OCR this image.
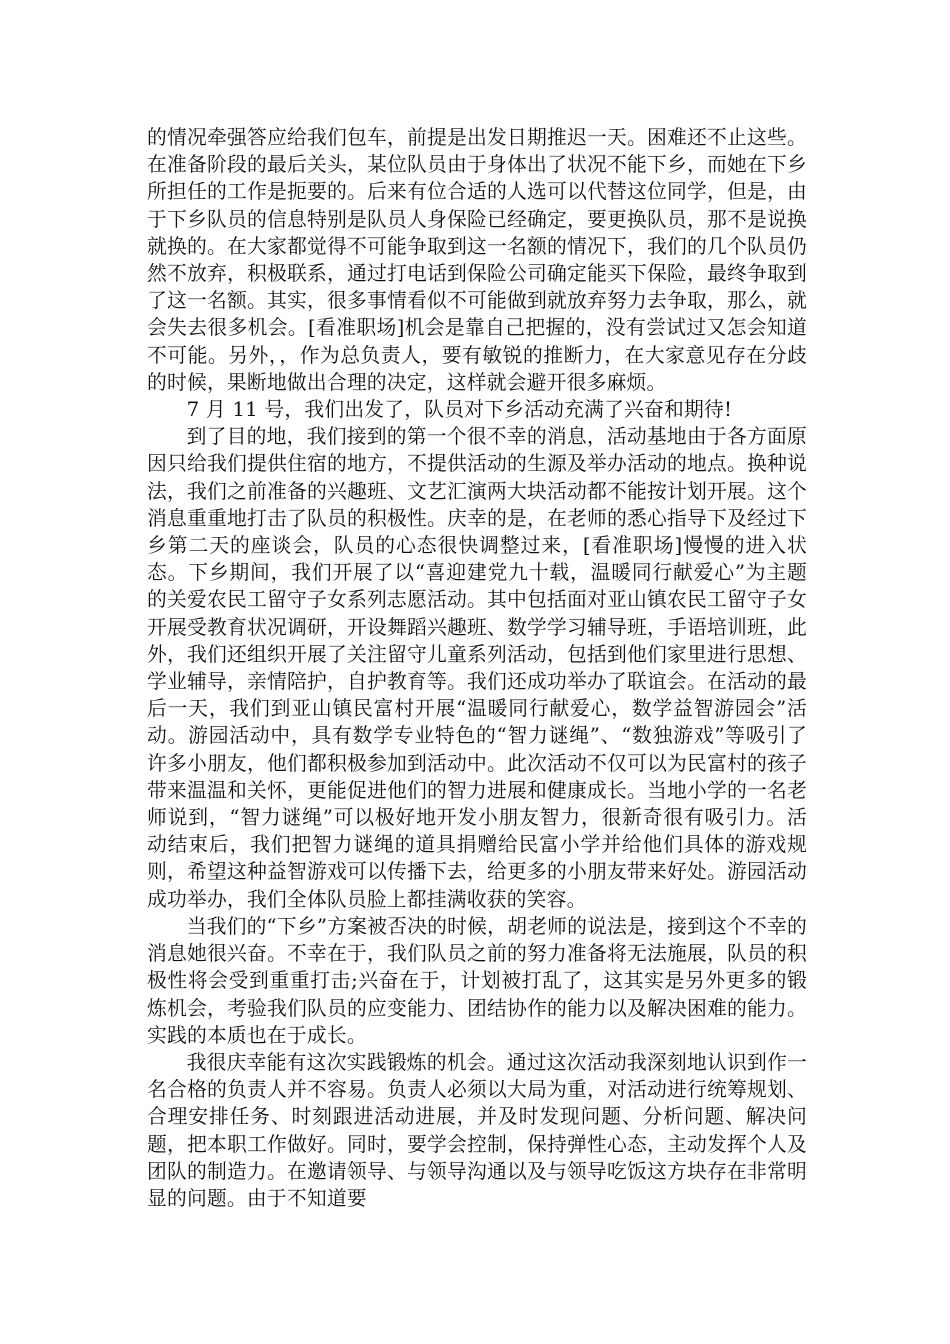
的情况牵强答应给我们包车，前提是出发日期推迟一天。困难还不止这些。在准备阶段的最后关头，某位队员由于身体出了状况不能下乡，而她在下乡所担任的工作是扼要的。后来有位合适的人选可以代替这位同学，但是，由于下乡队员的信息特别是队员人身保险已经确定，要更换队员，那不是说换就换的。在大家都觉得不可能争取到这一名额的情况下，我们的几个队员仍然不放弃，积极联系，通过打电话到保险公司确定能买下保险，最终争取到了这一名额。其实，很多事情看似不可能做到就放弃努力去争取，那么，就会失去很多机会。[看准职场]机会是靠自己把握的，没有尝试过又怎会知道不可能。另外，，作为总负责人，要有敏锐的推断力，在大家意见存在分歧的时候，果断地做出合理的决定，这样就会避开很多麻烦。

7 月 11 号，我们出发了，队员对下乡活动充满了兴奋和期待!

到了目的地，我们接到的第一个很不幸的消息，活动基地由于各方面原因只给我们提供住宿的地方，不提供活动的生源及举办活动的地点。换种说法，我们之前准备的兴趣班、文艺汇演两大块活动都不能按计划开展。这个消息重重地打击了队员的积极性。庆幸的是，在老师的悉心指导下及经过下乡第二天的座谈会，队员的心态很快调整过来，[看准职场]慢慢的进入状态。下乡期间，我们开展了以“喜迎建党九十载，温暖同行献爱心”为主题的关爱农民工留守子女系列志愿活动。其中包括面对亚山镇农民工留守子女开展受教育状况调研，开设舞蹈兴趣班、数学学习辅导班，手语培训班，此外，我们还组织开展了关注留守儿童系列活动，包括到他们家里进行思想、学业辅导，亲情陪护，自护教育等。我们还成功举办了联谊会。在活动的最后一天，我们到亚山镇民富村开展“温暖同行献爱心，数学益智游园会”活动。游园活动中，具有数学专业特色的“智力谜绳”、“数独游戏”等吸引了许多小朋友，他们都积极参加到活动中。此次活动不仅可以为民富村的孩子带来温温和关怀，更能促进他们的智力进展和健康成长。当地小学的一名老师说到，“智力谜绳”可以极好地开发小朋友智力，很新奇很有吸引力。活动结束后，我们把智力谜绳的道具捐赠给民富小学并给他们具体的游戏规则，希望这种益智游戏可以传播下去，给更多的小朋友带来好处。游园活动成功举办，我们全体队员脸上都挂满收获的笑容。

当我们的“下乡”方案被否决的时候，胡老师的说法是，接到这个不幸的消息她很兴奋。不幸在于，我们队员之前的努力准备将无法施展，队员的积极性将会受到重重打击;兴奋在于，计划被打乱了，这其实是另外更多的锻炼机会，考验我们队员的应变能力、团结协作的能力以及解决困难的能力。实践的本质也在于成长。

我很庆幸能有这次实践锻炼的机会。通过这次活动我深刻地认识到作一名合格的负责人并不容易。负责人必须以大局为重，对活动进行统筹规划、合理安排任务、时刻跟进活动进展，并及时发现问题、分析问题、解决问题，把本职工作做好。同时，要学会控制，保持弹性心态，主动发挥个人及团队的制造力。在邀请领导、与领导沟通以及与领导吃饭这方块存在非常明显的问题。由于不知道要
